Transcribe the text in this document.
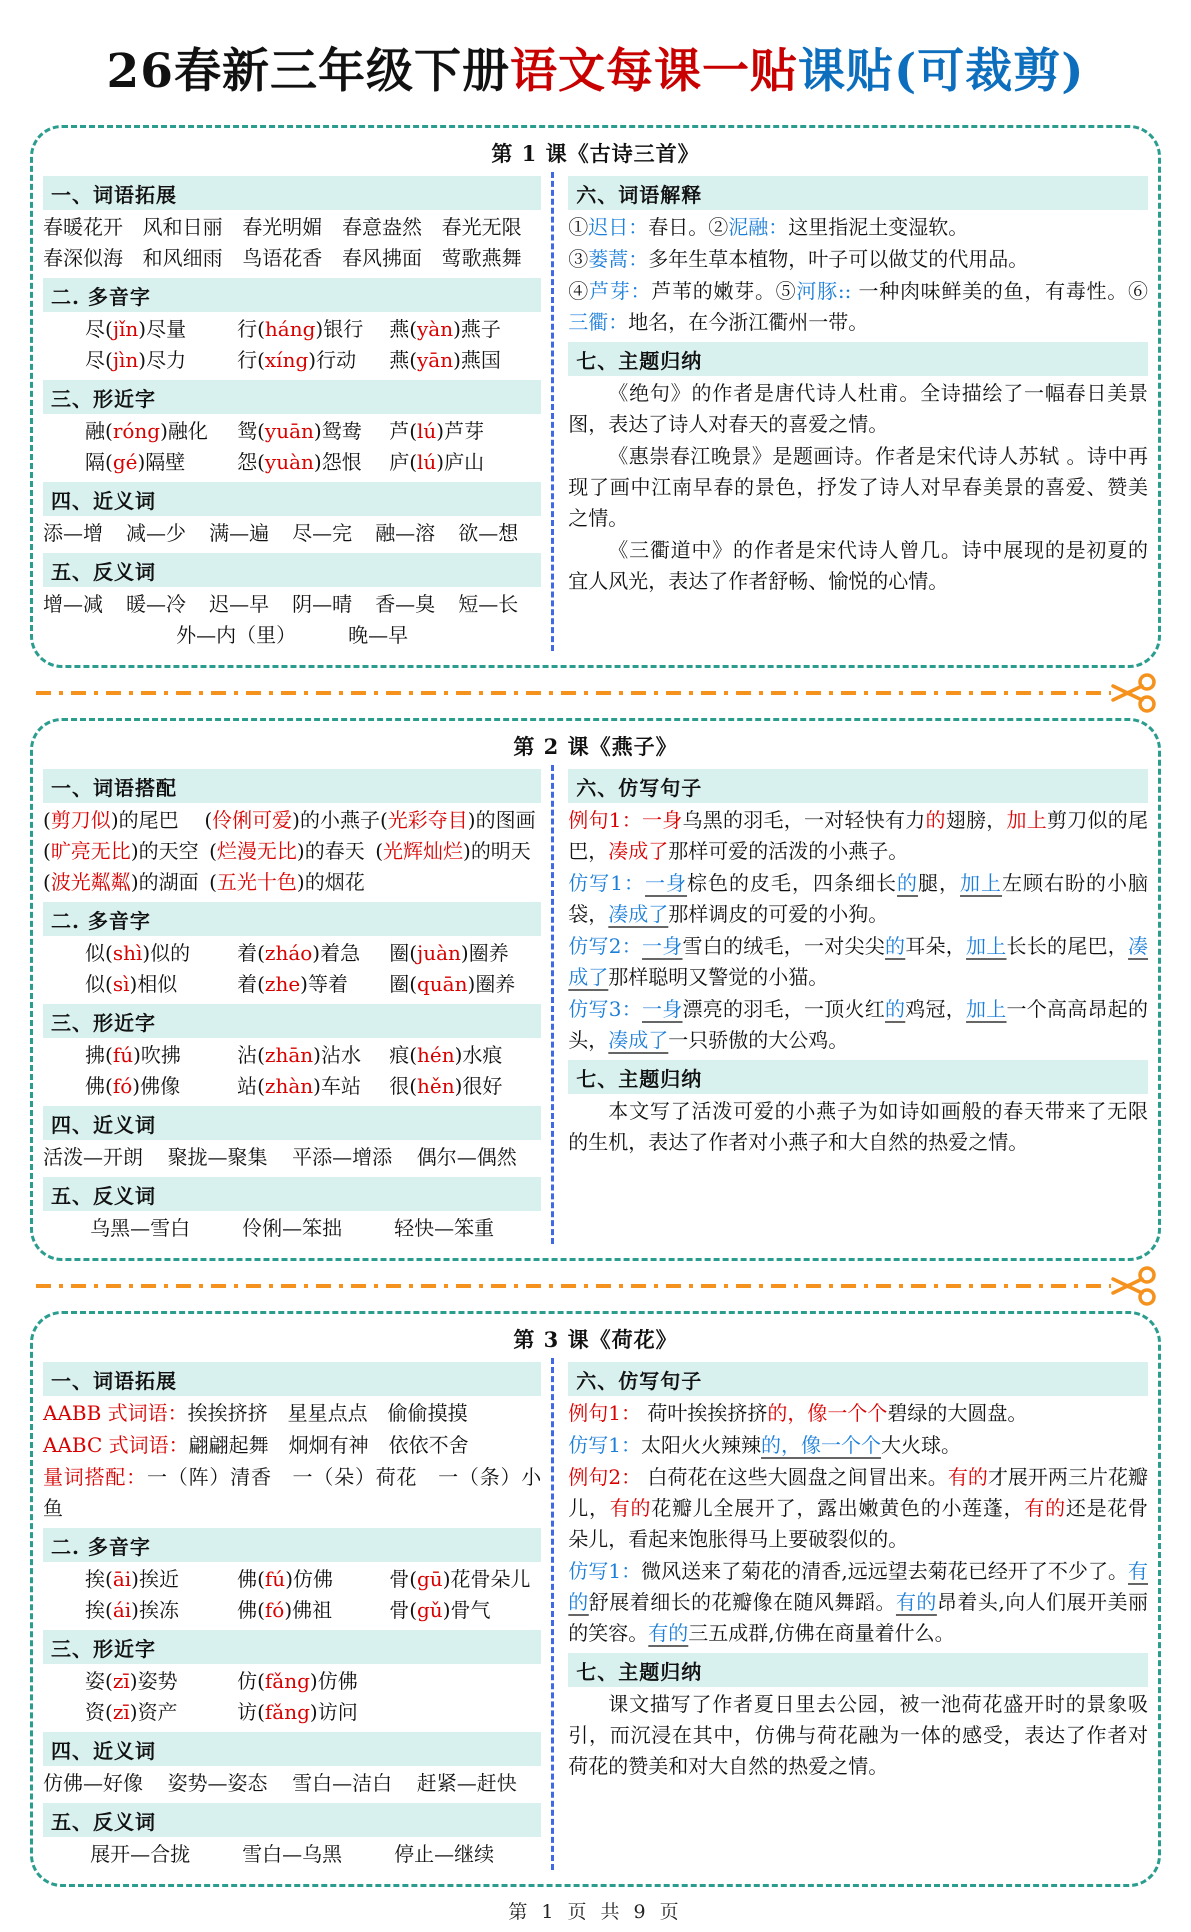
26春新三年级下册语文每课一贴课贴(可裁剪)
第 1 课《古诗三首》
一、词语拓展
春暖花开 风和日丽 春光明媚 春意盎然 春光无限
春深似海 和风细雨 鸟语花香 春风拂面 莺歌燕舞
二. 多音字
尽(jǐn)尽量	行(háng)银行	燕(yàn)燕子
尽(jìn)尽力	行(xíng)行动	燕(yān)燕国
三、形近字
融(róng)融化	鸳(yuān)鸳鸯	芦(lú)芦芽
隔(gé)隔壁	怨(yuàn)怨恨	庐(lú)庐山
四、近义词
添—增	减—少	满—遍	尽—完	融—溶	欲—想
五、反义词
增—减	暖—冷	迟—早	阴—晴	香—臭	短—长
外—内（里）	晚—早
六、词语解释

①迟日：春日。②泥融：这里指泥土变湿软。

③蒌蒿：多年生草本植物，叶子可以做艾的代用品。

④芦芽：芦苇的嫩芽。⑤河豚:: 一种肉味鲜美的鱼，有毒性。⑥三衢：地名，在今浙江衢州一带。

七、主题归纳

《绝句》的作者是唐代诗人杜甫。全诗描绘了一幅春日美景图，表达了诗人对春天的喜爱之情。

《惠崇春江晚景》是题画诗。作者是宋代诗人苏轼 。诗中再现了画中江南早春的景色，抒发了诗人对早春美景的喜爱、赞美之情。

《三衢道中》的作者是宋代诗人曾几。诗中展现的是初夏的宜人风光，表达了作者舒畅、愉悦的心情。

第 2 课《燕子》
一、词语搭配
(剪刀似)的尾巴	(伶俐可爱)的小燕子 (光彩夺目)的图画
(旷亮无比)的天空 (烂漫无比)的春天 (光辉灿烂)的明天
(波光粼粼)的湖面 (五光十色)的烟花
二. 多音字
似(shì)似的	着(zháo)着急	圈(juàn)圈养
似(sì)相似	着(zhe)等着	圈(quān)圈养
三、形近字
拂(fú)吹拂	沾(zhān)沾水	痕(hén)水痕
佛(fó)佛像	站(zhàn)车站	很(hěn)很好
四、近义词
活泼—开朗	聚拢—聚集	平添—增添	偶尔—偶然
五、反义词
乌黑—雪白	伶俐—笨拙	轻快—笨重
六、仿写句子

例句1：一身乌黑的羽毛，一对轻快有力的翅膀，加上剪刀似的尾巴，凑成了那样可爱的活泼的小燕子。

仿写1：一身棕色的皮毛，四条细长的腿，加上左顾右盼的小脑袋，凑成了那样调皮的可爱的小狗。

仿写2：一身雪白的绒毛，一对尖尖的耳朵，加上长长的尾巴，凑成了那样聪明又警觉的小猫。

仿写3：一身漂亮的羽毛，一顶火红的鸡冠，加上一个高高昂起的头，凑成了一只骄傲的大公鸡。

七、主题归纳

本文写了活泼可爱的小燕子为如诗如画般的春天带来了无限的生机，表达了作者对小燕子和大自然的热爱之情。

第 3 课《荷花》
一、词语拓展

AABB 式词语：挨挨挤挤　星星点点　偷偷摸摸

AABC 式词语：翩翩起舞　炯炯有神　依依不舍

量词搭配：一（阵）清香　一（朵）荷花　一（条）小鱼

二. 多音字
挨(āi)挨近	佛(fú)仿佛	骨(gū)花骨朵儿
挨(ái)挨冻	佛(fó)佛祖	骨(gǔ)骨气
三、形近字
姿(zī)姿势	仿(fǎng)仿佛
资(zī)资产	访(fǎng)访问
四、近义词
仿佛—好像	姿势—姿态	雪白—洁白	赶紧—赶快
五、反义词
展开—合拢	雪白—乌黑	停止—继续
六、仿写句子

例句1： 荷叶挨挨挤挤的，像一个个碧绿的大圆盘。

仿写1：太阳火火辣辣的，像一个个大火球。

例句2： 白荷花在这些大圆盘之间冒出来。有的才展开两三片花瓣儿，有的花瓣儿全展开了，露出嫩黄色的小莲蓬，有的还是花骨朵儿，看起来饱胀得马上要破裂似的。

仿写1：微风送来了菊花的清香,远远望去菊花已经开了不少了。有的舒展着细长的花瓣像在随风舞蹈。有的昂着头,向人们展开美丽的笑容。有的三五成群,仿佛在商量着什么。

七、主题归纳

课文描写了作者夏日里去公园，被一池荷花盛开时的景象吸引，而沉浸在其中，仿佛与荷花融为一体的感受，表达了作者对荷花的赞美和对大自然的热爱之情。

第 1 页 共 9 页
